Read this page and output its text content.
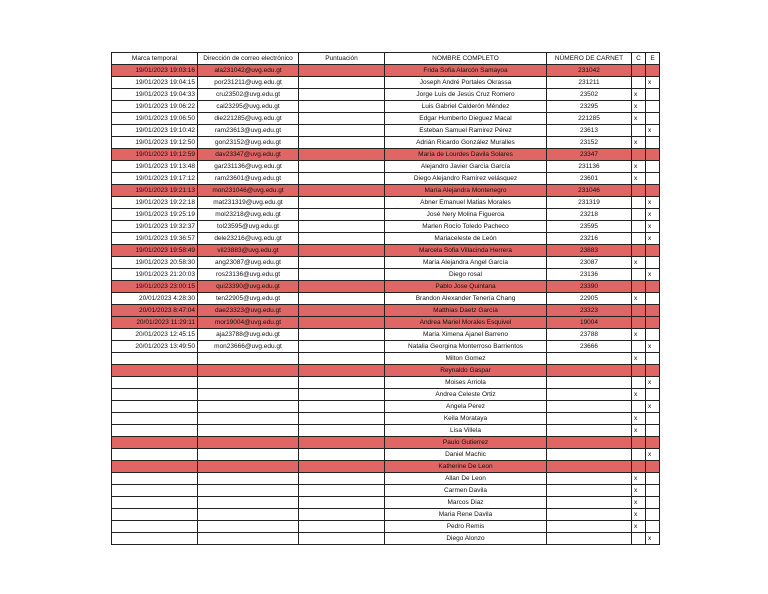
Marca temporal	Dirección de correo electrónico	Puntuación	NOMBRE COMPLETO	NÚMERO DE CARNET	C	E
19/01/2023 19:03:16	ala231042@uvg.edu.gt		Frida Sofia Alarcón Samayoa	231042		
19/01/2023 19:04:15	por231211@uvg.edu.gt		Joseph André Portales Okrassa	231211		x
19/01/2023 19:04:33	cru23502@uvg.edu.gt		Jorge Luis de Jesús Cruz Romero	23502	x	
19/01/2023 19:06:22	cal23295@uvg.edu.gt		Luis Gabriel Calderón Méndez	23295	x	
19/01/2023 19:06:50	die221285@uvg.edu.gt		Edgar Humberto Dieguez Macal	221285	x	
19/01/2023 19:10:42	ram23613@uvg.edu.gt		Esteban Samuel Ramirez Pérez	23613		x
19/01/2023 19:12:50	gon23152@uvg.edu.gt		Adrián Ricardo González Muralles	23152	x	
19/01/2023 19:12:59	dav23347@uvg.edu.gt		María de Lourdes Davila Solares	23347		
19/01/2023 19:13:48	gar231136@uvg.edu.gt		Alejandro Javier García García	231136	x	
19/01/2023 19:17:12	ram23601@uvg.edu.gt		Diego Alejandro Ramírez velásquez	23601	x	
19/01/2023 19:21:13	mon231046@uvg.edu.gt		María Alejandra Montenegro	231046		
19/01/2023 19:22:18	mat231319@uvg.edu.gt		Abner Emanuel Matias Morales	231319		x
19/01/2023 19:25:19	mol23218@uvg.edu.gt		José Nery Molina Figueroa	23218		x
19/01/2023 19:32:37	tol23595@uvg.edu.gt		Marlen Rocío Toledo Pacheco	23595		x
19/01/2023 19:36:57	dele23216@uvg.edu.gt		Mariaceleste de León	23216		x
19/01/2023 19:58:49	vil23883@uvg.edu.gt		Marcela Sofia Villacinda Herrera	23883		
19/01/2023 20:58:30	ang23087@uvg.edu.gt		María Alejandra Angel García	23087	x	
19/01/2023 21:20:03	ros23136@uvg.edu.gt		Diego rosal	23136		x
19/01/2023 23:00:15	qui23390@uvg.edu.gt		Pablo Jose Quintana	23390		
20/01/2023 4:28:30	ten22905@uvg.edu.gt		Brandon Alexander Tenería Chang	22905	x	
20/01/2023 8:47:04	dae23323@uvg.edu.gt		Matthias Daetz García	23323		
20/01/2023 11:29:11	mor19004@uvg.edu.gt		Andrea Mariel Morales Esquivel	19004		
20/01/2023 12:45:15	aja23788@uvg.edu.gt		María Ximena Ajanel Barreno	23788	x	
20/01/2023 13:49:50	mon23666@uvg.edu.gt		Natalia Georgina Monterroso Barrientos	23666		x
			Milton Gomez		x	
			Reynaldo Gaspar			
			Moises Arriola			x
			Andrea Celeste Ortiz		x	
			Angela Perez			x
			Keila Morataya		x	
			Lisa Villela		x	
			Paulo Gutierrez			
			Daniel Machic			x
			Katherine De Leon			
			Allan De Leon		x	
			Carmen Davila		x	
			Marcos Diaz		x	
			Maria Rene Davila		x	
			Pedro Remis		x	
			Diego Alonzo			x
